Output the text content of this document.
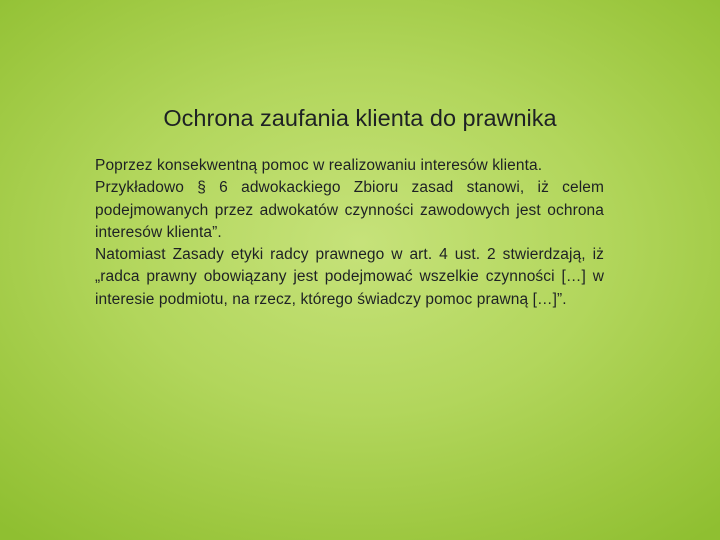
Ochrona zaufania klienta do prawnika

Poprzez konsekwentną pomoc w realizowaniu interesów klienta.

Przykładowo § 6 adwokackiego Zbioru zasad stanowi, iż celem podejmowanych przez adwokatów czynności zawodowych jest ochrona interesów klienta”.

Natomiast Zasady etyki radcy prawnego w art. 4 ust. 2 stwierdzają, iż „radca prawny obowiązany jest podejmować wszelkie czynności […] w interesie podmiotu, na rzecz, którego świadczy pomoc prawną […]”.
